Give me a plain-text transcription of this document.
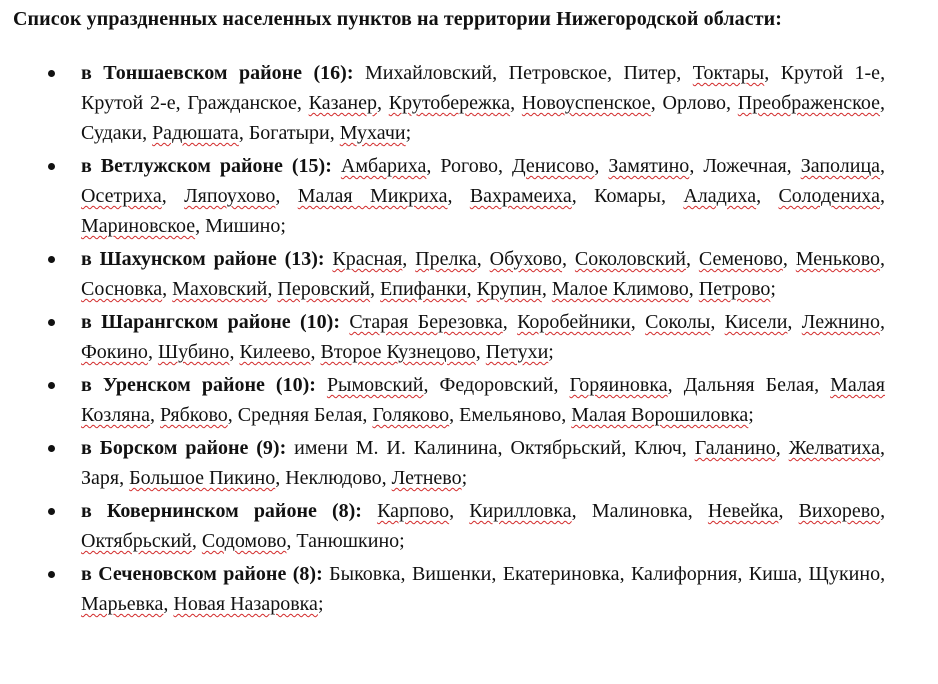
Список упраздненных населенных пунктов на территории Нижегородской области:
в Тоншаевском районе (16): Михайловский, Петровское, Питер, Токтары, Крутой 1-е, Крутой 2-е, Гражданское, Казанер, Крутобережка, Новоуспенское, Орлово, Преображенское, Судаки, Радюшата, Богатыри, Мухачи;
в Ветлужском районе (15): Амбариха, Рогово, Денисово, Замятино, Ложечная, Заполица, Осетриха, Ляпоухово, Малая Микриха, Вахрамеиха, Комары, Аладиха, Солодениха, Мариновское, Мишино;
в Шахунском районе (13): Красная, Прелка, Обухово, Соколовский, Семеново, Меньково, Сосновка, Маховский, Перовский, Епифанки, Крупин, Малое Климово, Петрово;
в Шарангском районе (10): Старая Березовка, Коробейники, Соколы, Кисели, Лежнино, Фокино, Шубино, Килеево, Второе Кузнецово, Петухи;
в Уренском районе (10): Рымовский, Федоровский, Горяиновка, Дальняя Белая, Малая Козляна, Рябково, Средняя Белая, Голяково, Емельяново, Малая Ворошиловка;
в Борском районе (9): имени М. И. Калинина, Октябрьский, Ключ, Галанино, Желватиха, Заря, Большое Пикино, Неклюдово, Летнево;
в Ковернинском районе (8): Карпово, Кирилловка, Малиновка, Невейка, Вихорево, Октябрьский, Содомово, Танюшкино;
в Сеченовском районе (8): Быковка, Вишенки, Екатериновка, Калифорния, Киша, Щукино, Марьевка, Новая Назаровка;
